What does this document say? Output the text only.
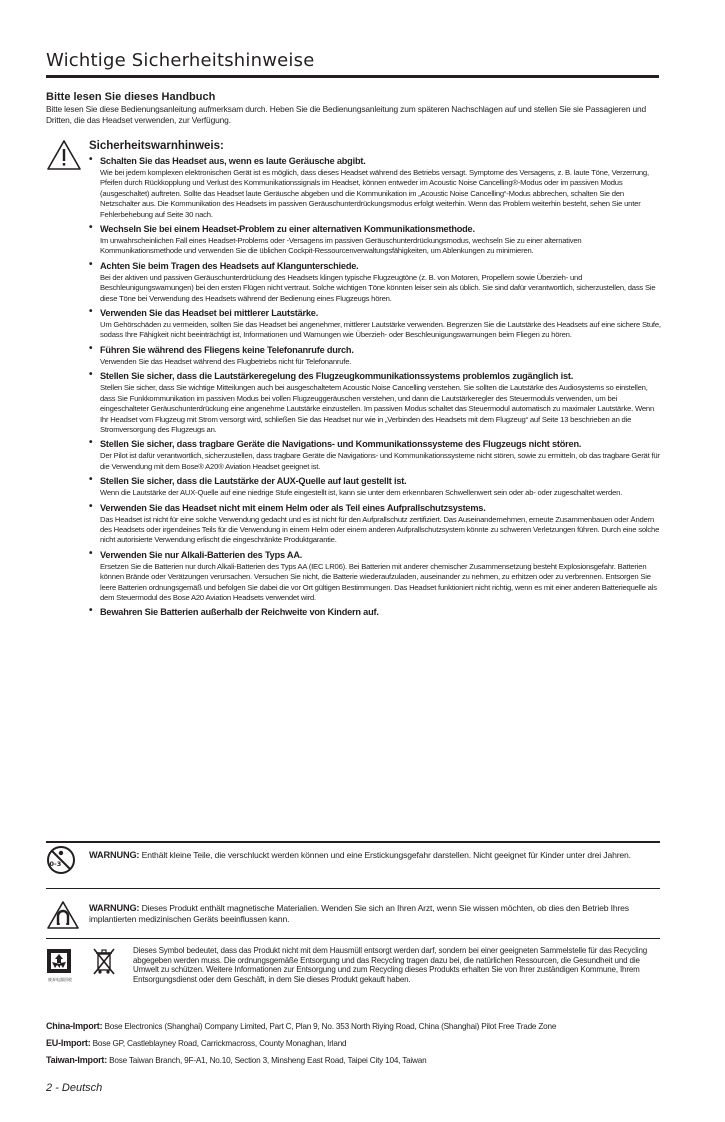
Wichtige Sicherheitshinweise
Bitte lesen Sie dieses Handbuch
Bitte lesen Sie diese Bedienungsanleitung aufmerksam durch. Heben Sie die Bedienungsanleitung zum späteren Nachschlagen auf und stellen Sie sie Passagieren und Dritten, die das Headset verwenden, zur Verfügung.
Sicherheitswarnhinweis:
• Schalten Sie das Headset aus, wenn es laute Geräusche abgibt.
Wie bei jedem komplexen elektronischen Gerät ist es möglich, dass dieses Headset während des Betriebs versagt. Symptome des Versagens, z. B. laute Töne, Verzerrung, Pfeifen durch Rückkopplung und Verlust des Kommunikationssignals im Headset, können entweder im Acoustic Noise Cancelling®-Modus oder im passiven Modus (ausgeschaltet) auftreten. Sollte das Headset laute Geräusche abgeben und die Kommunikation im „Acoustic Noise Cancelling“-Modus abbrechen, schalten Sie den Netzschalter aus. Die Kommunikation des Headsets im passiven Geräuschunterdrückungsmodus erfolgt weiterhin. Wenn das Problem weiterhin besteht, sehen Sie unter Fehlerbehebung auf Seite 30 nach.
• Wechseln Sie bei einem Headset-Problem zu einer alternativen Kommunikationsmethode.
Im unwahrscheinlichen Fall eines Headset-Problems oder -Versagens im passiven Geräuschunterdrückungsmodus, wechseln Sie zu einer alternativen Kommunikationsmethode und verwenden Sie die üblichen Cockpit-Ressourcenverwaltungsfähigkeiten, um Ablenkungen zu minimieren.
• Achten Sie beim Tragen des Headsets auf Klangunterschiede.
Bei der aktiven und passiven Geräuschunterdrückung des Headsets klingen typische Flugzeugtöne (z. B. von Motoren, Propellern sowie Überzieh- und Beschleunigungswarnungen) bei den ersten Flügen nicht vertraut. Solche wichtigen Töne könnten leiser sein als üblich. Sie sind dafür verantwortlich, sicherzustellen, dass Sie diese Töne bei Verwendung des Headsets während der Bedienung eines Flugzeugs hören.
• Verwenden Sie das Headset bei mittlerer Lautstärke.
Um Gehörschäden zu vermeiden, sollten Sie das Headset bei angenehmer, mittlerer Lautstärke verwenden. Begrenzen Sie die Lautstärke des Headsets auf eine sichere Stufe, sodass Ihre Fähigkeit nicht beeinträchtigt ist, Informationen und Warnungen wie Überzieh- oder Beschleunigungswarnungen beim Fliegen zu hören.
• Führen Sie während des Fliegens keine Telefonanrufe durch.
Verwenden Sie das Headset während des Flugbetriebs nicht für Telefonanrufe.
• Stellen Sie sicher, dass die Lautstärkeregelung des Flugzeugkommunikationssystems problemlos zugänglich ist.
Stellen Sie sicher, dass Sie wichtige Mitteilungen auch bei ausgeschaltetem Acoustic Noise Cancelling verstehen. Sie sollten die Lautstärke des Audiosystems so einstellen, dass Sie Funkkommunikation im passiven Modus bei vollen Flugzeuggeräuschen verstehen, und dann die Lautstärkeregler des Steuermoduls verwenden, um bei eingeschalteter Geräuschunterdrückung eine angenehme Lautstärke einzustellen. Im passiven Modus schaltet das Steuermodul automatisch zu maximaler Lautstärke. Wenn Ihr Headset vom Flugzeug mit Strom versorgt wird, schließen Sie das Headset nur wie in „Verbinden des Headsets mit dem Flugzeug“ auf Seite 13 beschrieben an die Stromversorgung des Flugzeugs an.
• Stellen Sie sicher, dass tragbare Geräte die Navigations- und Kommunikationssysteme des Flugzeugs nicht stören.
Der Pilot ist dafür verantwortlich, sicherzustellen, dass tragbare Geräte die Navigations- und Kommunikationssysteme nicht stören, sowie zu ermitteln, ob das tragbare Gerät für die Verwendung mit dem Bose® A20® Aviation Headset geeignet ist.
• Stellen Sie sicher, dass die Lautstärke der AUX-Quelle auf laut gestellt ist.
Wenn die Lautstärke der AUX-Quelle auf eine niedrige Stufe eingestellt ist, kann sie unter dem erkennbaren Schwellenwert sein oder ab- oder zugeschaltet werden.
• Verwenden Sie das Headset nicht mit einem Helm oder als Teil eines Aufprallschutzsystems.
Das Headset ist nicht für eine solche Verwendung gedacht und es ist nicht für den Aufprallschutz zertifiziert. Das Auseinandernehmen, erneute Zusammenbauen oder Ändern des Headsets oder irgendeines Teils für die Verwendung in einem Helm oder einem anderen Aufprallschutzsystem könnte zu schweren Verletzungen führen. Durch eine solche nicht autorisierte Verwendung erlischt die eingeschränkte Produktgarantie.
• Verwenden Sie nur Alkali-Batterien des Typs AA.
Ersetzen Sie die Batterien nur durch Alkali-Batterien des Typs AA (IEC LR06). Bei Batterien mit anderer chemischer Zusammensetzung besteht Explosionsgefahr. Batterien können Brände oder Verätzungen verursachen. Versuchen Sie nicht, die Batterie wiederaufzuladen, auseinander zu nehmen, zu erhitzen oder zu verbrennen. Entsorgen Sie leere Batterien ordnungsgemäß und befolgen Sie dabei die vor Ort gültigen Bestimmungen. Das Headset funktioniert nicht richtig, wenn es mit einer anderen Batteriequelle als dem Steuermodul des Bose A20 Aviation Headsets verwendet wird.
• Bewahren Sie Batterien außerhalb der Reichweite von Kindern auf.
0-3
WARNUNG: Enthält kleine Teile, die verschluckt werden können und eine Erstickungsgefahr darstellen. Nicht geeignet für Kinder unter drei Jahren.
WARNUNG: Dieses Produkt enthält magnetische Materialien. Wenden Sie sich an Ihren Arzt, wenn Sie wissen möchten, ob dies den Betrieb Ihres implantierten medizinischen Geräts beeinflussen kann.
废弃电器回收
Dieses Symbol bedeutet, dass das Produkt nicht mit dem Hausmüll entsorgt werden darf, sondern bei einer geeigneten Sammelstelle für das Recycling abgegeben werden muss. Die ordnungsgemäße Entsorgung und das Recycling tragen dazu bei, die natürlichen Ressourcen, die Gesundheit und die Umwelt zu schützen. Weitere Informationen zur Entsorgung und zum Recycling dieses Produkts erhalten Sie von Ihrer zuständigen Kommune, Ihrem Entsorgungsdienst oder dem Geschäft, in dem Sie dieses Produkt gekauft haben.
China-Import: Bose Electronics (Shanghai) Company Limited, Part C, Plan 9, No. 353 North Riying Road, China (Shanghai) Pilot Free Trade Zone
EU-Import: Bose GP, Castleblayney Road, Carrickmacross, County Monaghan, Irland
Taiwan-Import: Bose Taiwan Branch, 9F-A1, No.10, Section 3, Minsheng East Road, Taipei City 104, Taiwan
2 - Deutsch
